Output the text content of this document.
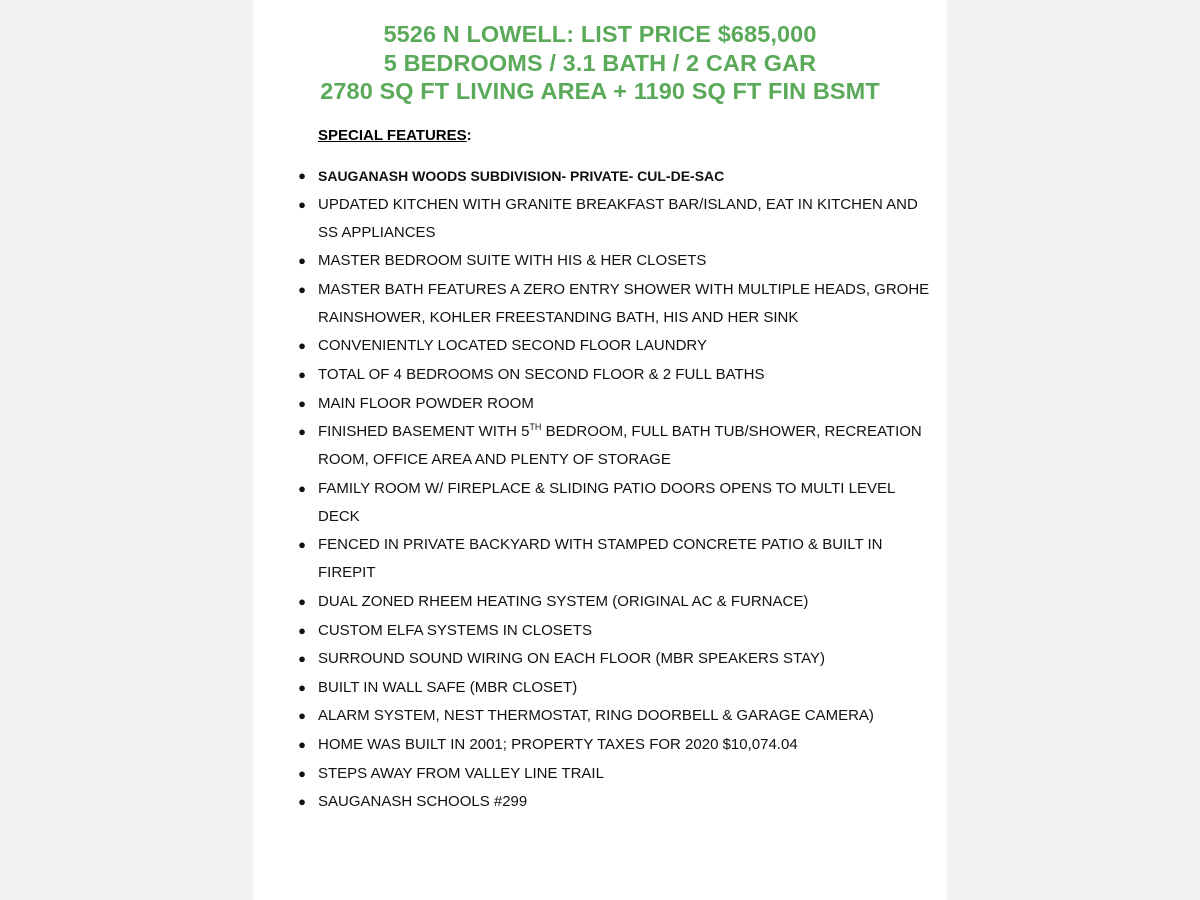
5526 N LOWELL: LIST PRICE $685,000
5 BEDROOMS / 3.1 BATH / 2 CAR GAR
2780 SQ FT LIVING AREA + 1190 SQ FT FIN BSMT

SPECIAL FEATURES:

● SAUGANASH WOODS SUBDIVISION- PRIVATE- CUL-DE-SAC
● UPDATED KITCHEN WITH GRANITE BREAKFAST BAR/ISLAND, EAT IN KITCHEN AND SS APPLIANCES
● MASTER BEDROOM SUITE WITH HIS & HER CLOSETS
● MASTER BATH FEATURES A ZERO ENTRY SHOWER WITH MULTIPLE HEADS, GROHE RAINSHOWER, KOHLER FREESTANDING BATH, HIS AND HER SINK
● CONVENIENTLY LOCATED SECOND FLOOR LAUNDRY
● TOTAL OF 4 BEDROOMS ON SECOND FLOOR & 2 FULL BATHS
● MAIN FLOOR POWDER ROOM
● FINISHED BASEMENT WITH 5TH BEDROOM, FULL BATH TUB/SHOWER, RECREATION ROOM, OFFICE AREA AND PLENTY OF STORAGE
● FAMILY ROOM W/ FIREPLACE & SLIDING PATIO DOORS OPENS TO MULTI LEVEL DECK
● FENCED IN PRIVATE BACKYARD WITH STAMPED CONCRETE PATIO & BUILT IN FIREPIT
● DUAL ZONED RHEEM HEATING SYSTEM (ORIGINAL AC & FURNACE)
● CUSTOM ELFA SYSTEMS IN CLOSETS
● SURROUND SOUND WIRING ON EACH FLOOR (MBR SPEAKERS STAY)
● BUILT IN WALL SAFE (MBR CLOSET)
● ALARM SYSTEM, NEST THERMOSTAT, RING DOORBELL & GARAGE CAMERA)
● HOME WAS BUILT IN 2001; PROPERTY TAXES FOR 2020 $10,074.04
● STEPS AWAY FROM VALLEY LINE TRAIL
● SAUGANASH SCHOOLS #299
